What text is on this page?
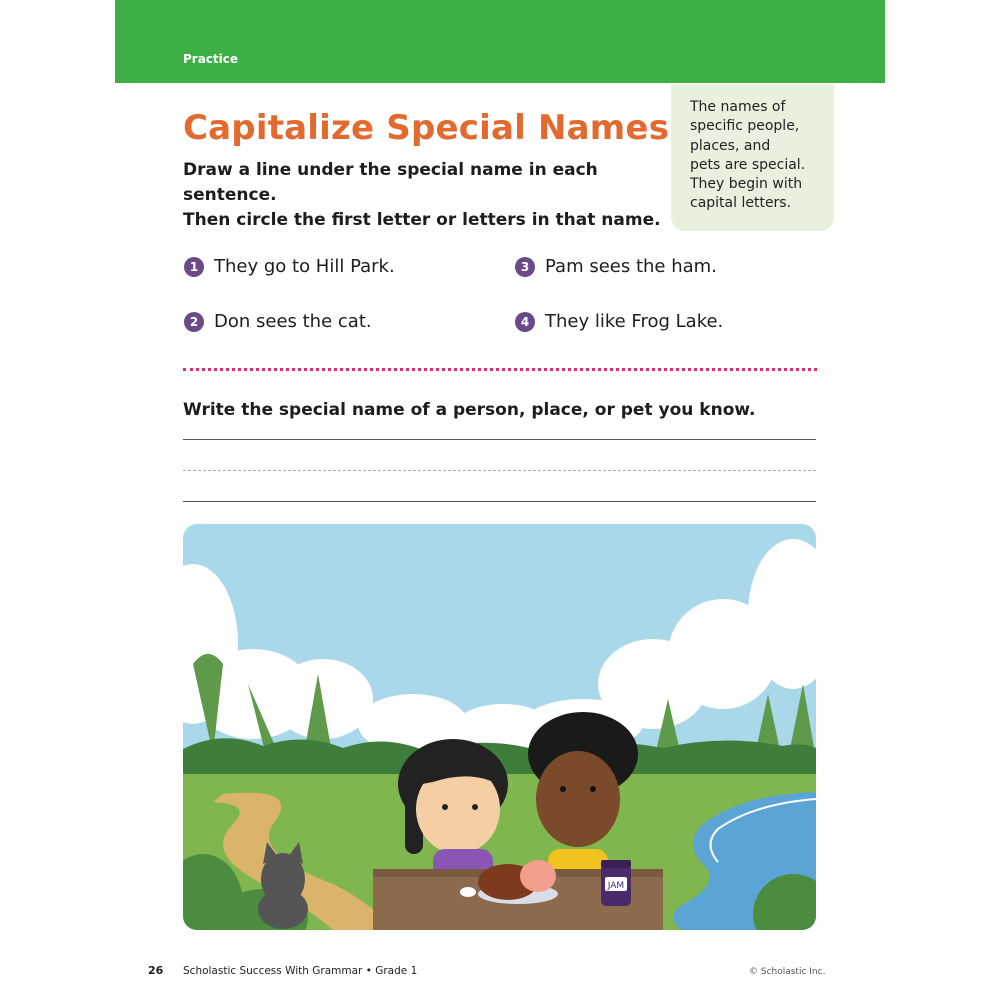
Practice
Capitalize Special Names
Draw a line under the special name in each sentence.
Then circle the first letter or letters in that name.
The names of
specific people,
places, and
pets are special.
They begin with
capital letters.
1 They go to Hill Park.
2 Don sees the cat.
3 Pam sees the ham.
4 They like Frog Lake.
Write the special name of a person, place, or pet you know.
JAM
26 Scholastic Success With Grammar • Grade 1	© Scholastic Inc.
